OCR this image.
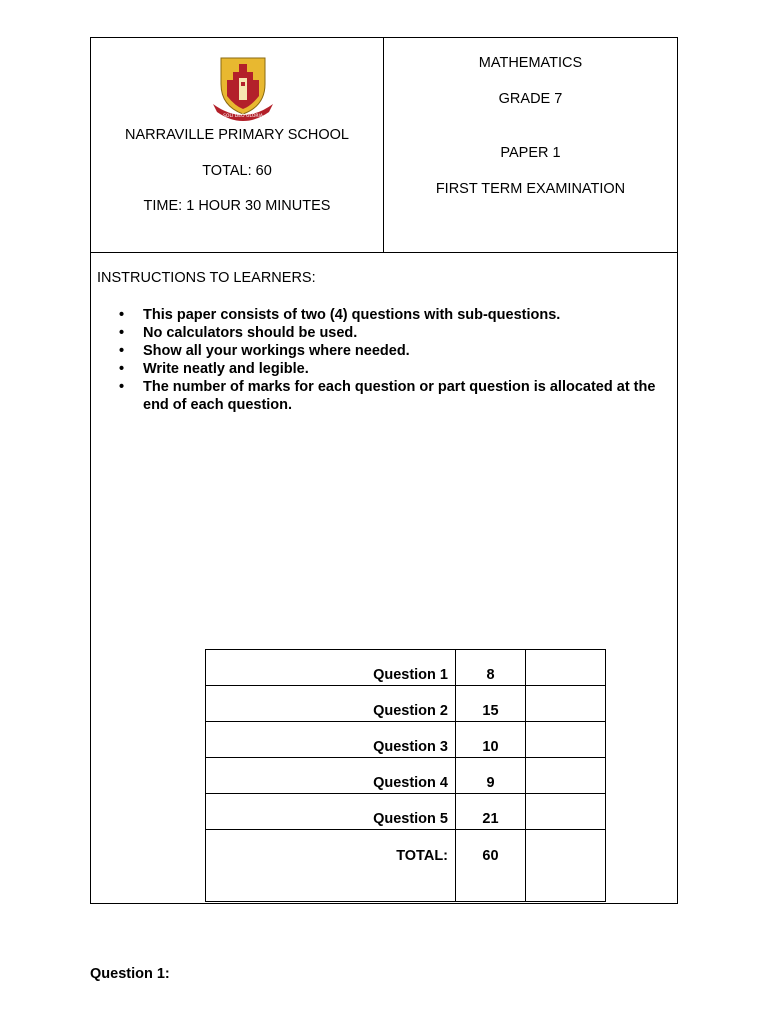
SOLI DEO GLORIA
NARRAVILLE PRIMARY SCHOOL
TOTAL: 60
TIME: 1 HOUR 30 MINUTES
MATHEMATICS
GRADE 7
PAPER 1
FIRST TERM EXAMINATION
INSTRUCTIONS TO LEARNERS:
• This paper consists of two (4) questions with sub-questions.
• No calculators should be used.
• Show all your workings where needed.
• Write neatly and legible.
• The number of marks for each question or part question is allocated at the end of each question.
Question 1	8	
Question 2	15	
Question 3	10	
Question 4	9	
Question 5	21	
TOTAL:	60	
Question 1:
